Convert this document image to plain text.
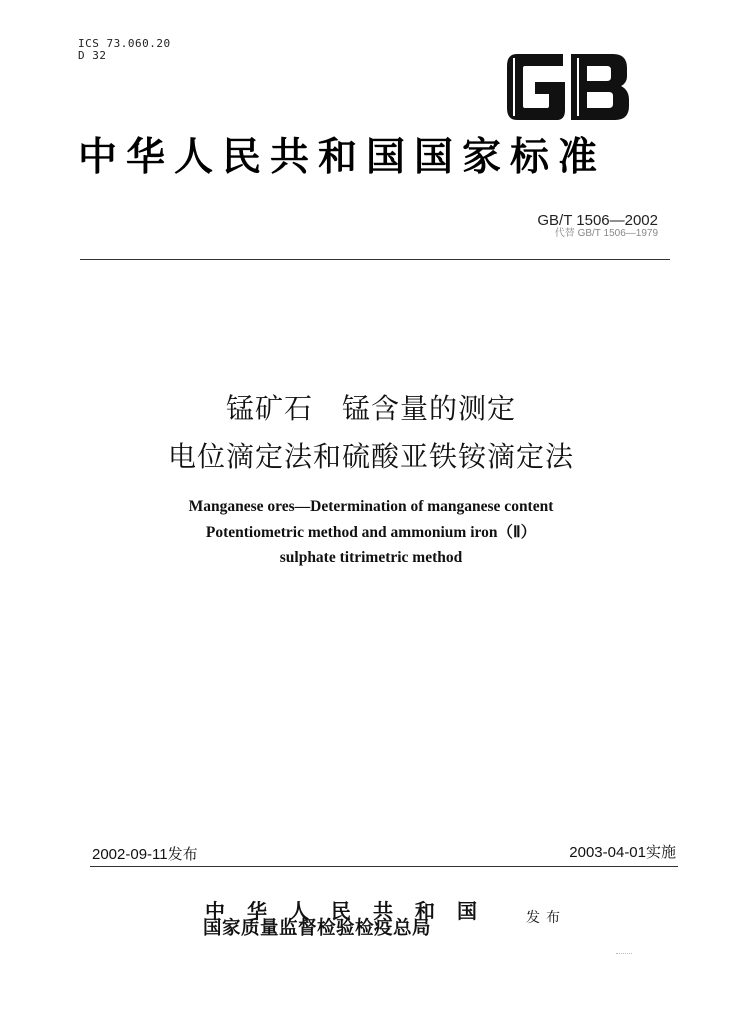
ICS 73.060.20
D 32
中华人民共和国国家标准
GB/T 1506—2002
代替 GB/T 1506—1979
锰矿石　锰含量的测定
电位滴定法和硫酸亚铁铵滴定法
Manganese ores—Determination of manganese content
Potentiometric method and ammonium iron（Ⅱ）
sulphate titrimetric method
2002-09-11发布	2003-04-01实施
中华人民共和国
国家质量监督检验检疫总局	发布
